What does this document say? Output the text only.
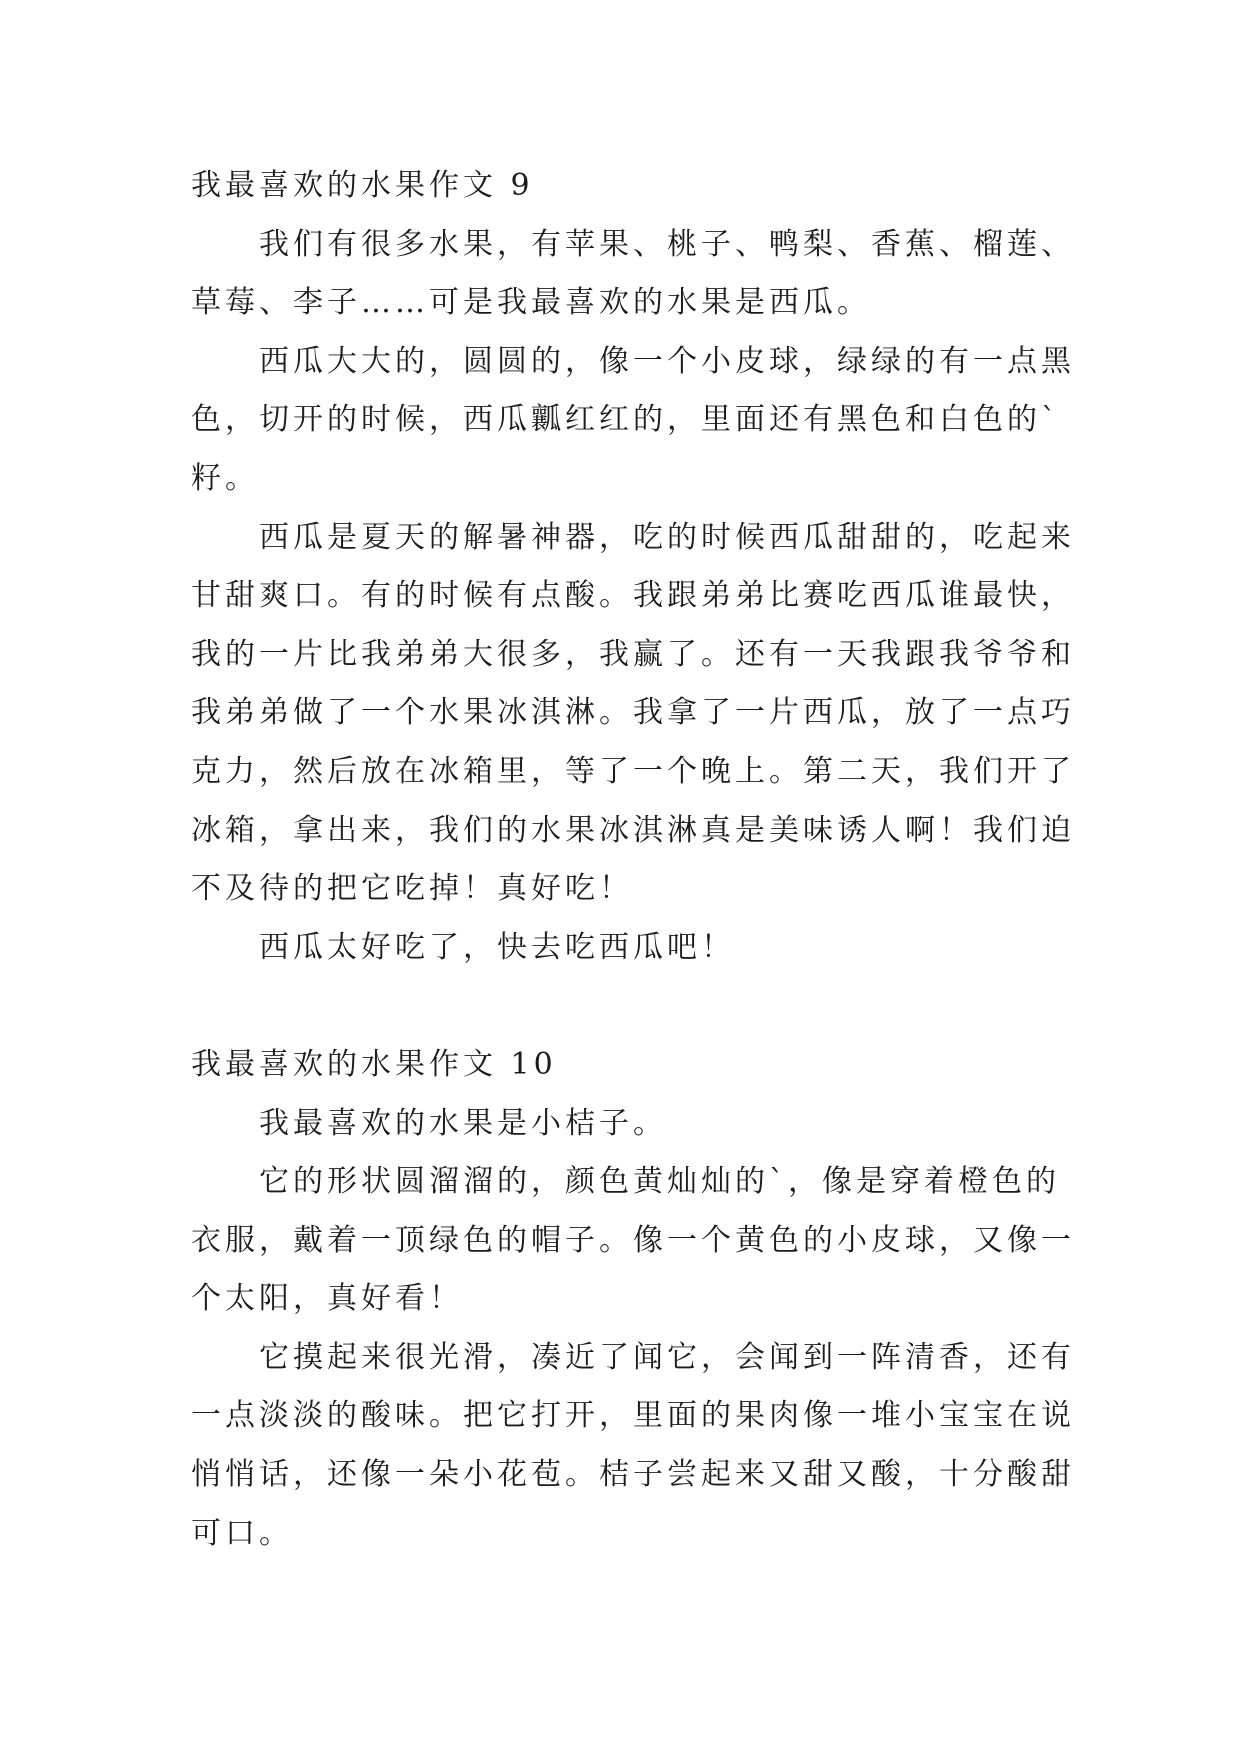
我最喜欢的水果作文 9
我们有很多水果，有苹果、桃子、鸭梨、香蕉、榴莲、
草莓、李子……可是我最喜欢的水果是西瓜。
西瓜大大的，圆圆的，像一个小皮球，绿绿的有一点黑
色，切开的时候，西瓜瓤红红的，里面还有黑色和白色的`
籽。
西瓜是夏天的解暑神器，吃的时候西瓜甜甜的，吃起来
甘甜爽口。有的时候有点酸。我跟弟弟比赛吃西瓜谁最快，
我的一片比我弟弟大很多，我赢了。还有一天我跟我爷爷和
我弟弟做了一个水果冰淇淋。我拿了一片西瓜，放了一点巧
克力，然后放在冰箱里，等了一个晚上。第二天，我们开了
冰箱，拿出来，我们的水果冰淇淋真是美味诱人啊！我们迫
不及待的把它吃掉！真好吃！
西瓜太好吃了，快去吃西瓜吧！
我最喜欢的水果作文 10
我最喜欢的水果是小桔子。
它的形状圆溜溜的，颜色黄灿灿的`，像是穿着橙色的
衣服，戴着一顶绿色的帽子。像一个黄色的小皮球，又像一
个太阳，真好看！
它摸起来很光滑，凑近了闻它，会闻到一阵清香，还有
一点淡淡的酸味。把它打开，里面的果肉像一堆小宝宝在说
悄悄话，还像一朵小花苞。桔子尝起来又甜又酸，十分酸甜
可口。
